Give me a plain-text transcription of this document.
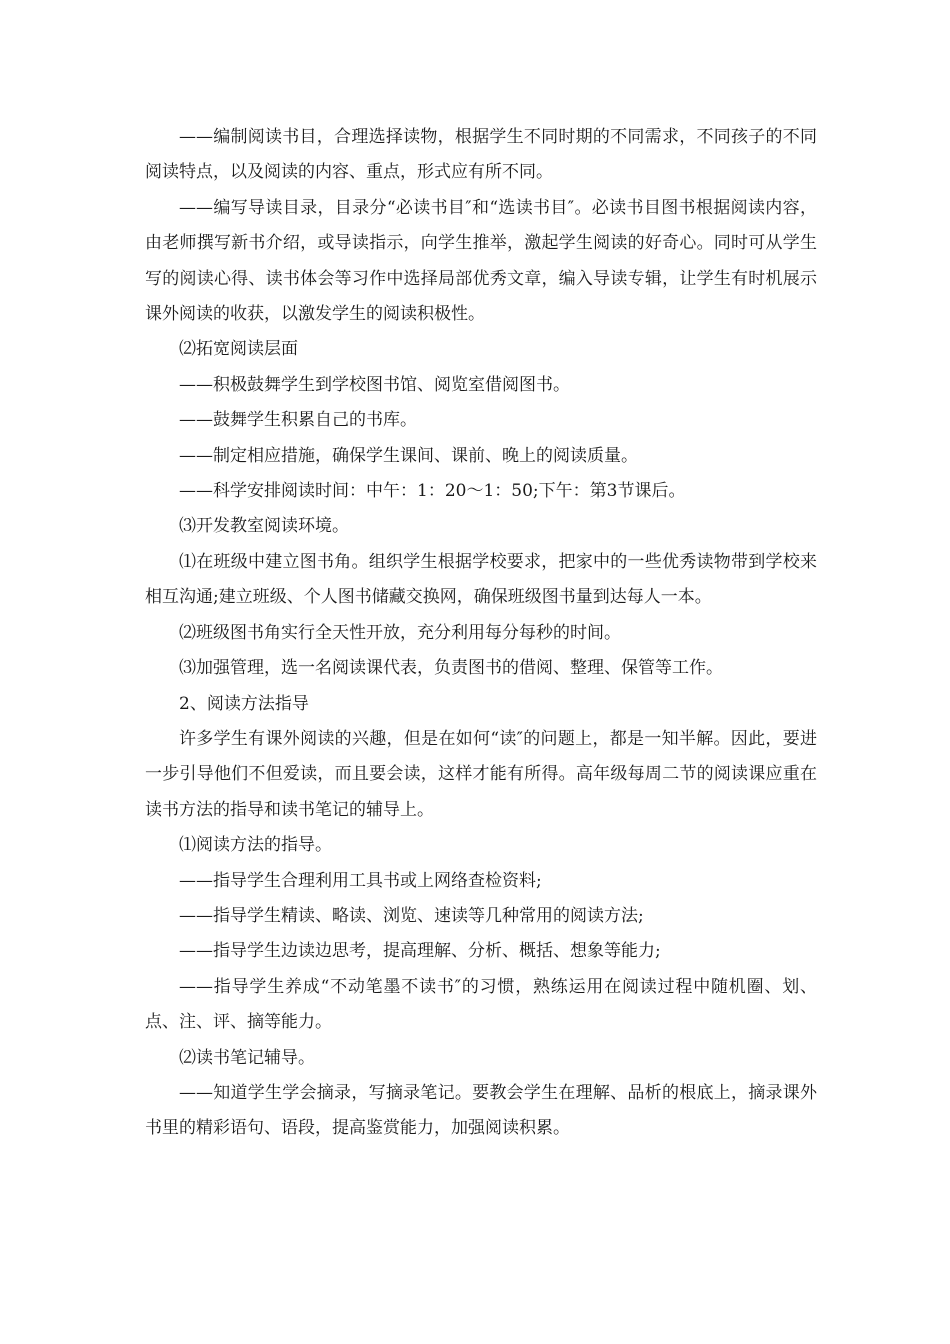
——编制阅读书目，合理选择读物，根据学生不同时期的不同需求，不同孩子的不同阅读特点，以及阅读的内容、重点，形式应有所不同。

——编写导读目录，目录分“必读书目″和“选读书目″。必读书目图书根据阅读内容，由老师撰写新书介绍，或导读指示，向学生推举，激起学生阅读的好奇心。同时可从学生写的阅读心得、读书体会等习作中选择局部优秀文章，编入导读专辑，让学生有时机展示课外阅读的收获，以激发学生的阅读积极性。

⑵拓宽阅读层面

——积极鼓舞学生到学校图书馆、阅览室借阅图书。

——鼓舞学生积累自己的书库。

——制定相应措施，确保学生课间、课前、晚上的阅读质量。

——科学安排阅读时间：中午：1：20～1：50;下午：第3节课后。

⑶开发教室阅读环境。

⑴在班级中建立图书角。组织学生根据学校要求，把家中的一些优秀读物带到学校来相互沟通;建立班级、个人图书储藏交换网，确保班级图书量到达每人一本。

⑵班级图书角实行全天性开放，充分利用每分每秒的时间。

⑶加强管理，选一名阅读课代表，负责图书的借阅、整理、保管等工作。

2、阅读方法指导

许多学生有课外阅读的兴趣，但是在如何“读″的问题上，都是一知半解。因此，要进一步引导他们不但爱读，而且要会读，这样才能有所得。高年级每周二节的阅读课应重在读书方法的指导和读书笔记的辅导上。

⑴阅读方法的指导。

——指导学生合理利用工具书或上网络查检资料;

——指导学生精读、略读、浏览、速读等几种常用的阅读方法;

——指导学生边读边思考，提高理解、分析、概括、想象等能力;

——指导学生养成“不动笔墨不读书″的习惯，熟练运用在阅读过程中随机圈、划、点、注、评、摘等能力。

⑵读书笔记辅导。

——知道学生学会摘录，写摘录笔记。要教会学生在理解、品析的根底上，摘录课外书里的精彩语句、语段，提高鉴赏能力，加强阅读积累。
